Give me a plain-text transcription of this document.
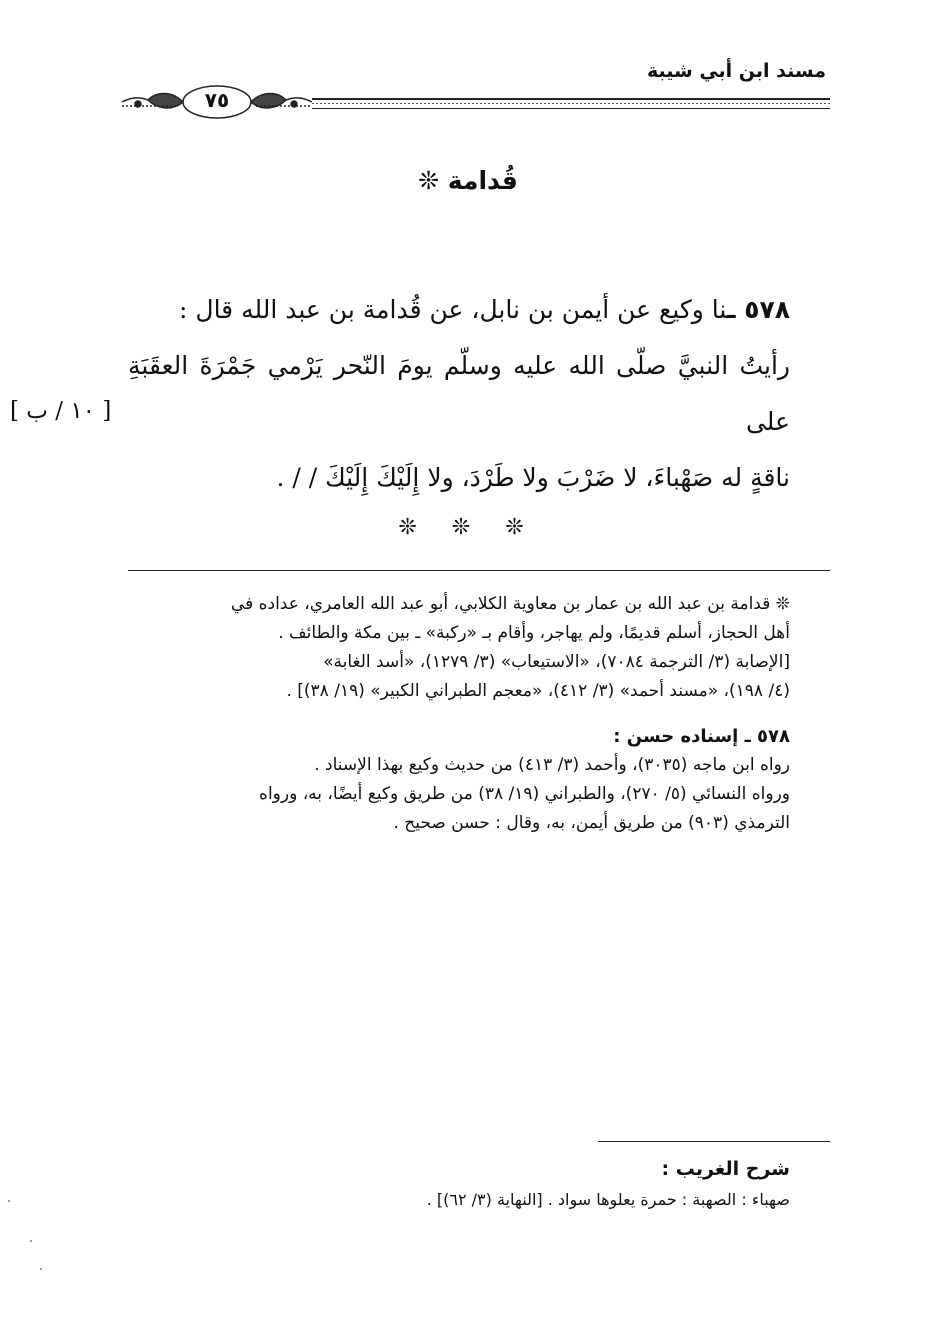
مسند ابن أبي شيبة
٧٥
قُدامة ❊

٥٧٨ ـنا وكيع عن أيمن بن نابل، عن قُدامة بن عبد الله قال :

رأيتُ النبيَّ صلّى الله عليه وسلّم يومَ النّحر يَرْمي جَمْرَةَ العقَبَةِ على

ناقةٍ له صَهْباءَ، لا ضَرْبَ ولا طَرْدَ، ولا إِلَيْكَ إِلَيْكَ / / .

[ ١٠ / ب ]
❊ ❊ ❊

❊ قدامة بن عبد الله بن عمار بن معاوية الكلابي، أبو عبد الله العامري، عداده في

أهل الحجاز، أسلم قديمًا، ولم يهاجر، وأقام بـ «ركبة» ـ بين مكة والطائف .

[الإصابة (٣/ الترجمة ٧٠٨٤)، «الاستيعاب» (٣/ ١٢٧٩)، «أسد الغابة»

(٤/ ١٩٨)، «مسند أحمد» (٣/ ٤١٢)، «معجم الطبراني الكبير» (١٩/ ٣٨)] .

٥٧٨ ـ إسناده حسن :

رواه ابن ماجه (٣٠٣٥)، وأحمد (٣/ ٤١٣) من حديث وكيع بهذا الإسناد .

ورواه النسائي (٥/ ٢٧٠)، والطبراني (١٩/ ٣٨) من طريق وكيع أيضًا، به، ورواه

الترمذي (٩٠٣) من طريق أيمن، به، وقال : حسن صحيح .

شرح الغريب :

صهباء : الصهبة : حمرة يعلوها سواد . [النهاية (٣/ ٦٢)] .
